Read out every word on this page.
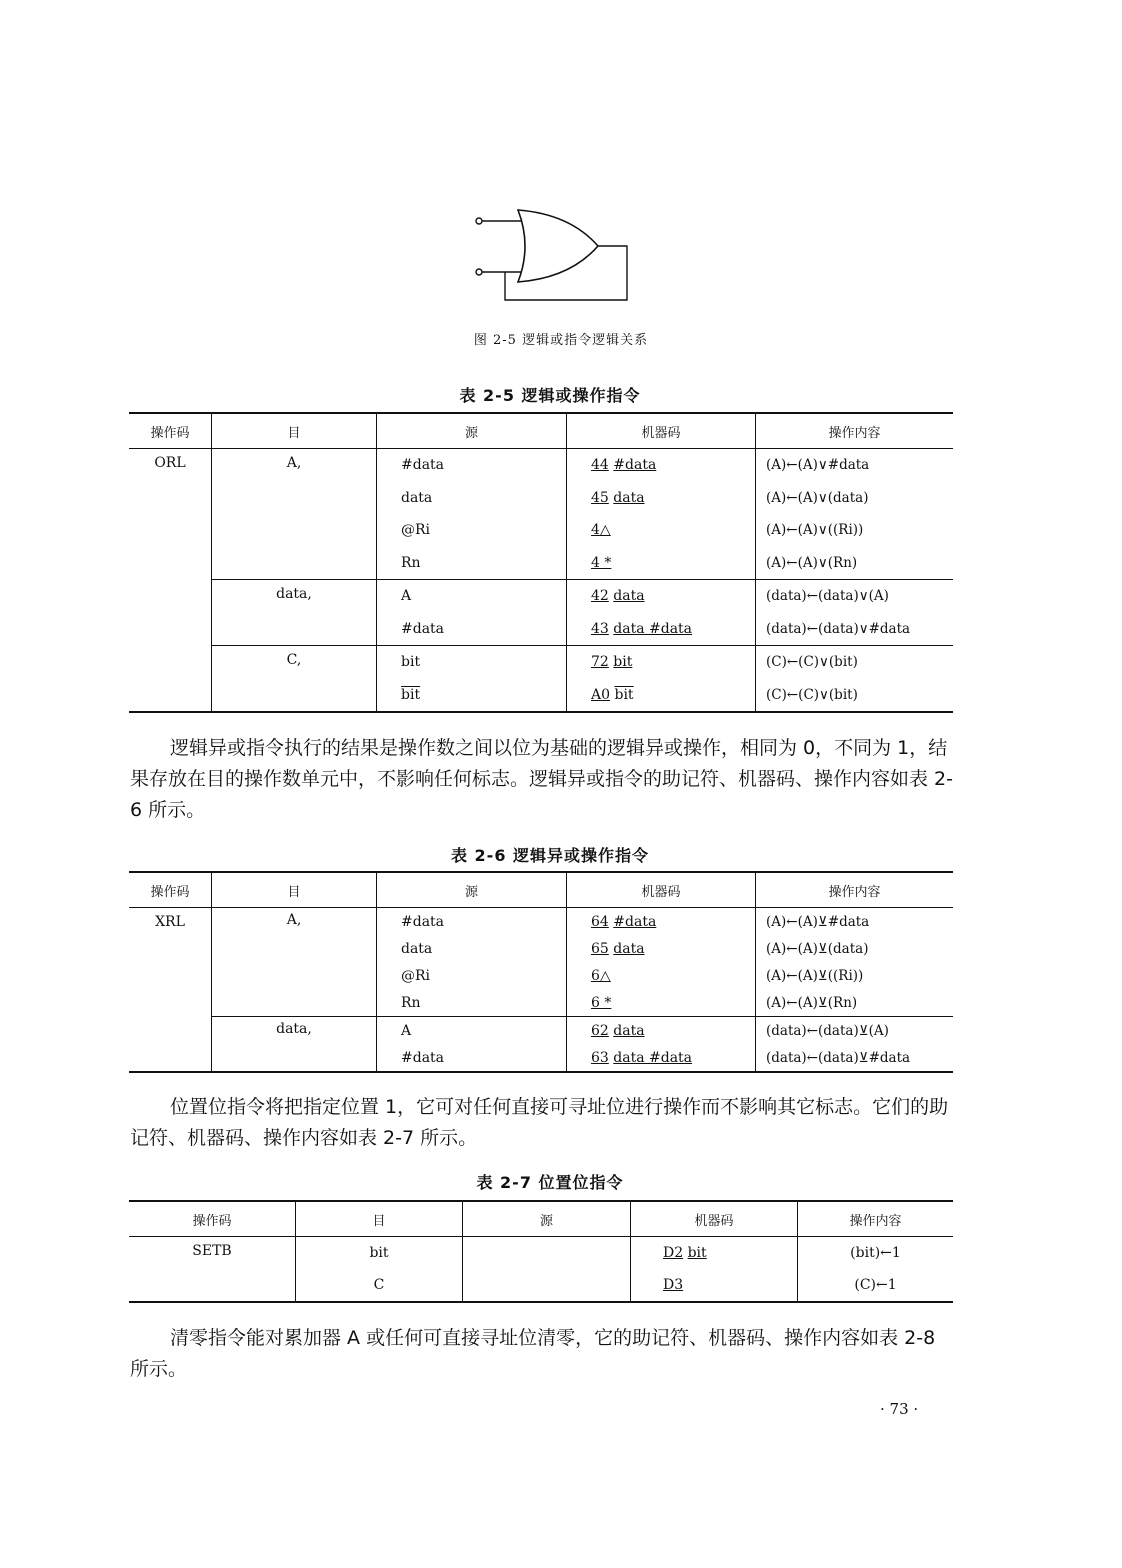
图 2-5 逻辑或指令逻辑关系
表 2-5 逻辑或操作指令
操作码	目	源	机器码	操作内容
ORL	A,	#data	44 #data	(A)←(A)∨#data
		data	45 data	(A)←(A)∨(data)
		@Ri	4△	(A)←(A)∨((Ri))
		Rn	4 *	(A)←(A)∨(Rn)
	data,	A	42 data	(data)←(data)∨(A)
		#data	43 data #data	(data)←(data)∨#data
	C,	bit	72 bit	(C)←(C)∨(bit)
		$\overline{bit}$	A0 $\overline{bit}$	(C)←(C)∨(bit)
逻辑异或指令执行的结果是操作数之间以位为基础的逻辑异或操作，相同为 0，不同为 1，结果存放在目的操作数单元中，不影响任何标志。逻辑异或指令的助记符、机器码、操作内容如表 2-6 所示。
表 2-6 逻辑异或操作指令
操作码	目	源	机器码	操作内容
XRL	A,	#data	64 #data	(A)←(A)⊻#data
		data	65 data	(A)←(A)⊻(data)
		@Ri	6△	(A)←(A)⊻((Ri))
		Rn	6 *	(A)←(A)⊻(Rn)
	data,	A	62 data	(data)←(data)⊻(A)
		#data	63 data #data	(data)←(data)⊻#data
位置位指令将把指定位置 1，它可对任何直接可寻址位进行操作而不影响其它标志。它们的助记符、机器码、操作内容如表 2-7 所示。
表 2-7 位置位指令
操作码	目	源	机器码	操作内容
SETB	bit		D2 bit	(bit)←1
	C		D3	(C)←1
清零指令能对累加器 A 或任何可直接寻址位清零，它的助记符、机器码、操作内容如表 2-8 所示。
· 73 ·
